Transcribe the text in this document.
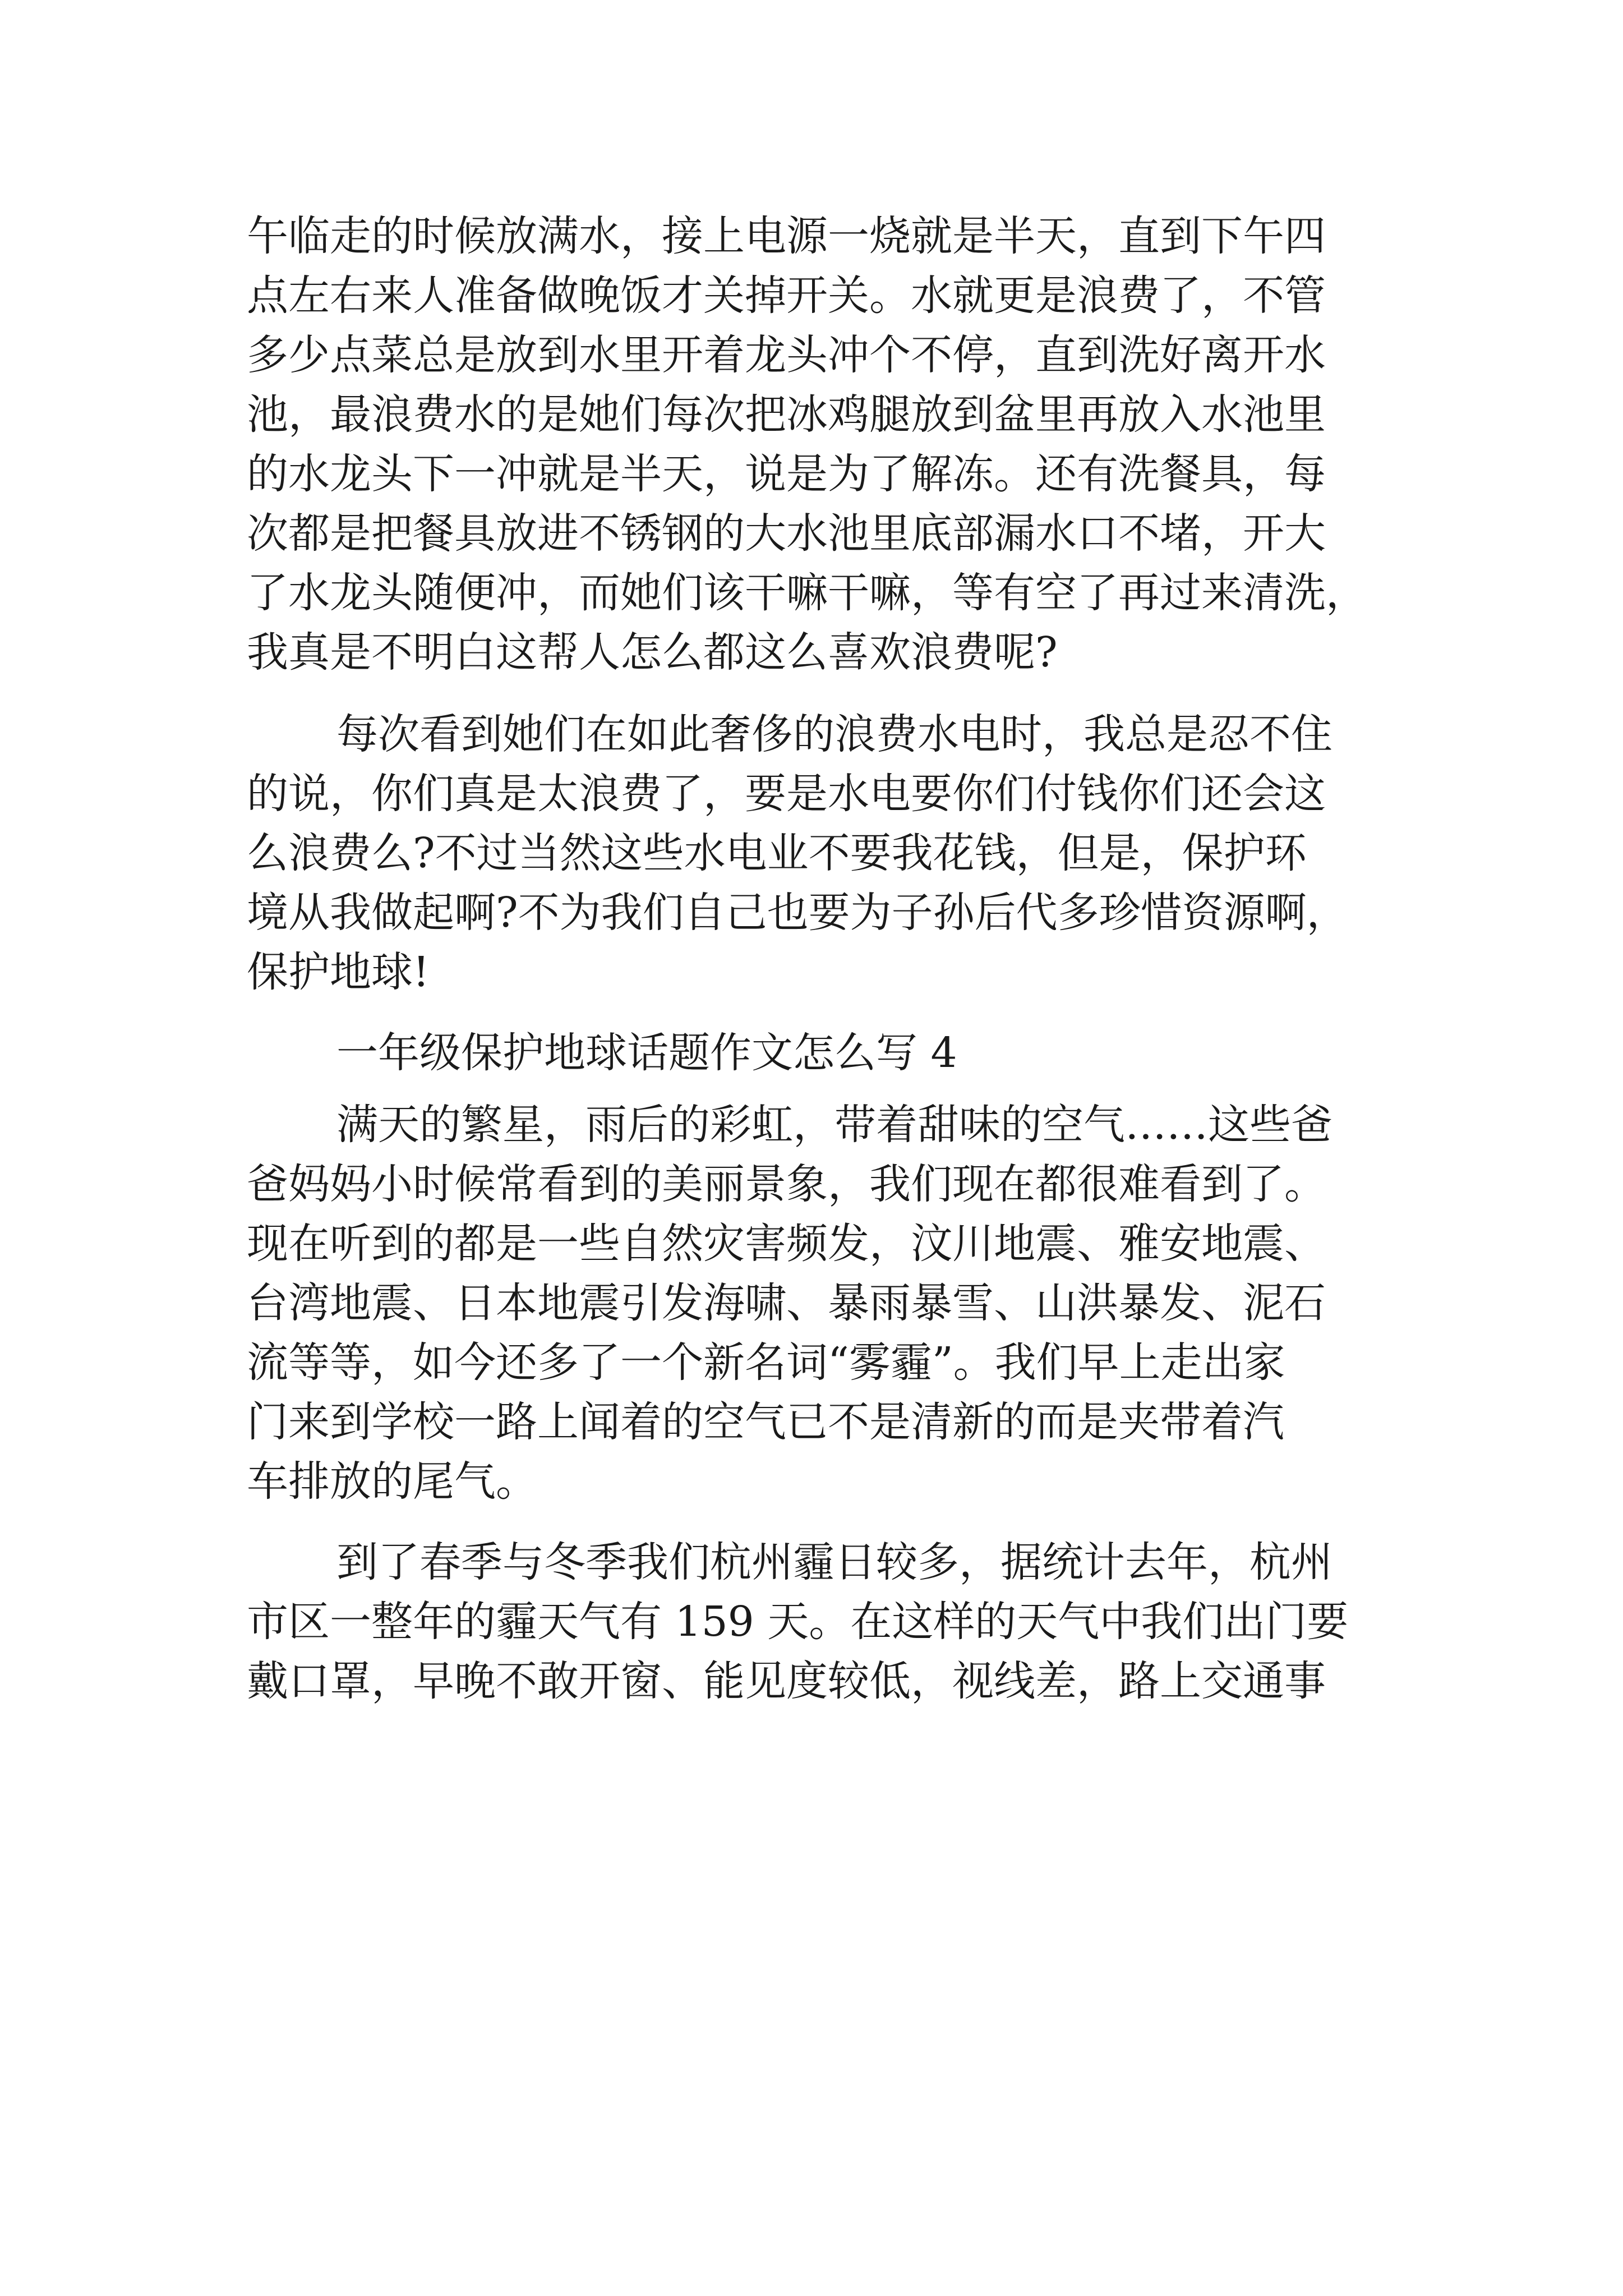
午临走的时候放满水，接上电源一烧就是半天，直到下午四
点左右来人准备做晚饭才关掉开关。水就更是浪费了，不管
多少点菜总是放到水里开着龙头冲个不停，直到洗好离开水
池，最浪费水的是她们每次把冰鸡腿放到盆里再放入水池里
的水龙头下一冲就是半天，说是为了解冻。还有洗餐具，每
次都是把餐具放进不锈钢的大水池里底部漏水口不堵，开大
了水龙头随便冲，而她们该干嘛干嘛，等有空了再过来清洗，
我真是不明白这帮人怎么都这么喜欢浪费呢?
每次看到她们在如此奢侈的浪费水电时，我总是忍不住
的说，你们真是太浪费了，要是水电要你们付钱你们还会这
么浪费么?不过当然这些水电业不要我花钱，但是，保护环
境从我做起啊?不为我们自己也要为子孙后代多珍惜资源啊，
保护地球!
一年级保护地球话题作文怎么写 4
满天的繁星，雨后的彩虹，带着甜味的空气……这些爸
爸妈妈小时候常看到的美丽景象，我们现在都很难看到了。
现在听到的都是一些自然灾害频发，汶川地震、雅安地震、
台湾地震、日本地震引发海啸、暴雨暴雪、山洪暴发、泥石
流等等，如今还多了一个新名词“雾霾”。我们早上走出家
门来到学校一路上闻着的空气已不是清新的而是夹带着汽
车排放的尾气。
到了春季与冬季我们杭州霾日较多，据统计去年，杭州
市区一整年的霾天气有 159 天。在这样的天气中我们出门要
戴口罩，早晚不敢开窗、能见度较低，视线差，路上交通事
